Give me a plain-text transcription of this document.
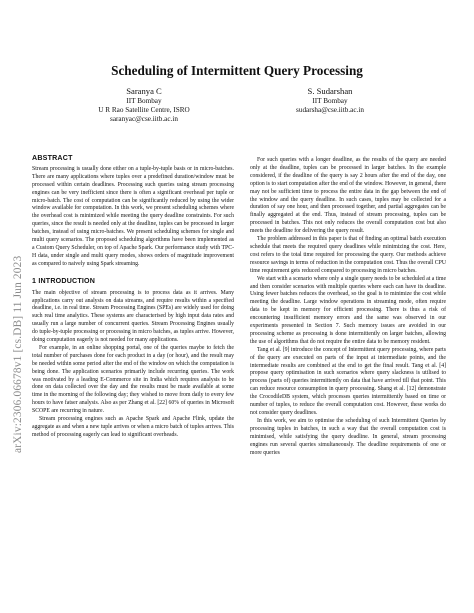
arXiv:2306.06678v1 [cs.DB] 11 Jun 2023
Scheduling of Intermittent Query Processing
Saranya C
IIT Bombay
U R Rao Satellite Centre, ISRO
saranyac@cse.iitb.ac.in
S. Sudarshan
IIT Bombay
sudarsha@cse.iitb.ac.in
ABSTRACT

Stream processing is usually done either on a tuple-by-tuple basis or in micro-batches. There are many applications where tuples over a predefined duration/window must be processed within certain deadlines. Processing such queries using stream processing engines can be very inefficient since there is often a significant overhead per tuple or micro-batch. The cost of computation can be significantly reduced by using the wider window available for computation. In this work, we present scheduling schemes where the overhead cost is minimized while meeting the query deadline constraints. For such queries, since the result is needed only at the deadline, tuples can be processed in larger batches, instead of using micro-batches. We present scheduling schemes for single and multi query scenarios. The proposed scheduling algorithms have been implemented as a Custom Query Scheduler, on top of Apache Spark. Our performance study with TPC-H data, under single and multi query modes, shows orders of magnitude improvement as compared to naively using Spark streaming.

1 INTRODUCTION

The main objective of stream processing is to process data as it arrives. Many applications carry out analysis on data streams, and require results within a specified deadline, i.e. in real time. Stream Processing Engines (SPEs) are widely used for doing such real time analytics. These systems are characterised by high input data rates and usually run a large number of concurrent queries. Stream Processing Engines usually do tuple-by-tuple processing or processing in micro batches, as tuples arrive. However, doing computation eagerly is not needed for many applications.

For example, in an online shopping portal, one of the queries maybe to fetch the total number of purchases done for each product in a day (or hour), and the result may be needed within some period after the end of the window on which the computation is being done. The application scenarios primarily include recurring queries. The work was motivated by a leading E-Commerce site in India which requires analysis to be done on data collected over the day and the results must be made available at some time in the morning of the following day; they wished to move from daily to every few hours to have fatser analysis. Also as per Zhang et al. [22] 60% of queries in Microsoft SCOPE are recurring in nature.

Stream processing engines such as Apache Spark and Apache Flink, update the aggregate as and when a new tuple arrives or when a micro batch of tuples arrives. This method of processing eagerly can lead to significant overheads.

For such queries with a longer deadline, as the results of the query are needed only at the deadline, tuples can be processed in larger batches. In the example considered, if the deadline of the query is say 2 hours after the end of the day, one option is to start computation after the end of the window. However, in general, there may not be sufficient time to process the entire data in the gap between the end of the window and the query deadline. In such cases, tuples may be collected for a duration of say one hour, and then processed together, and partial aggregates can be finally aggregated at the end. Thus, instead of stream processing, tuples can be processed in batches. This not only reduces the overall computation cost but also meets the deadline for delivering the query result.

The problem addressed in this paper is that of finding an optimal batch execution schedule that meets the required query deadlines while minimizing the cost. Here, cost refers to the total time required for processing the query. Our methods achieve resource savings in terms of reduction in the computation cost. Thus the overall CPU time requirement gets reduced compared to processing in micro batches.

We start with a scenario where only a single query needs to be scheduled at a time and then consider scenarios with multiple queries where each can have its deadline. Using fewer batches reduces the overhead, so the goal is to minimize the cost while meeting the deadline. Large window operations in streaming mode, often require data to be kept in memory for efficient processing. There is thus a risk of encountering insufficient memory errors and the same was observed in our experiments presented in Section 7. Such memory issues are avoided in our processing scheme as processing is done intermittently on larger batches, allowing the use of algorithms that do not require the entire data to be memory resident.

Tang et al. [9] introduce the concept of Intermittent query processing, where parts of the query are executed on parts of the input at intermediate points, and the intermediate results are combined at the end to get the final result. Tang et al. [4] propose query optimisation in such scenarios where query slackness is utilised to process (parts of) queries intermittently on data that have arrived till that point. This can reduce resource consumption in query processing. Shang et al. [12] demonstrate the CrocodileDB system, which processes queries intermittently based on time or number of tuples, to reduce the overall computation cost. However, these works do not consider query deadlines.

In this work, we aim to optimise the scheduling of such Intermittent Queries by processing tuples in batches, in such a way that the overall computation cost is minimised, while satisfying the query deadline. In general, stream processing engines run several queries simultaneously. The deadline requirements of one or more queries
